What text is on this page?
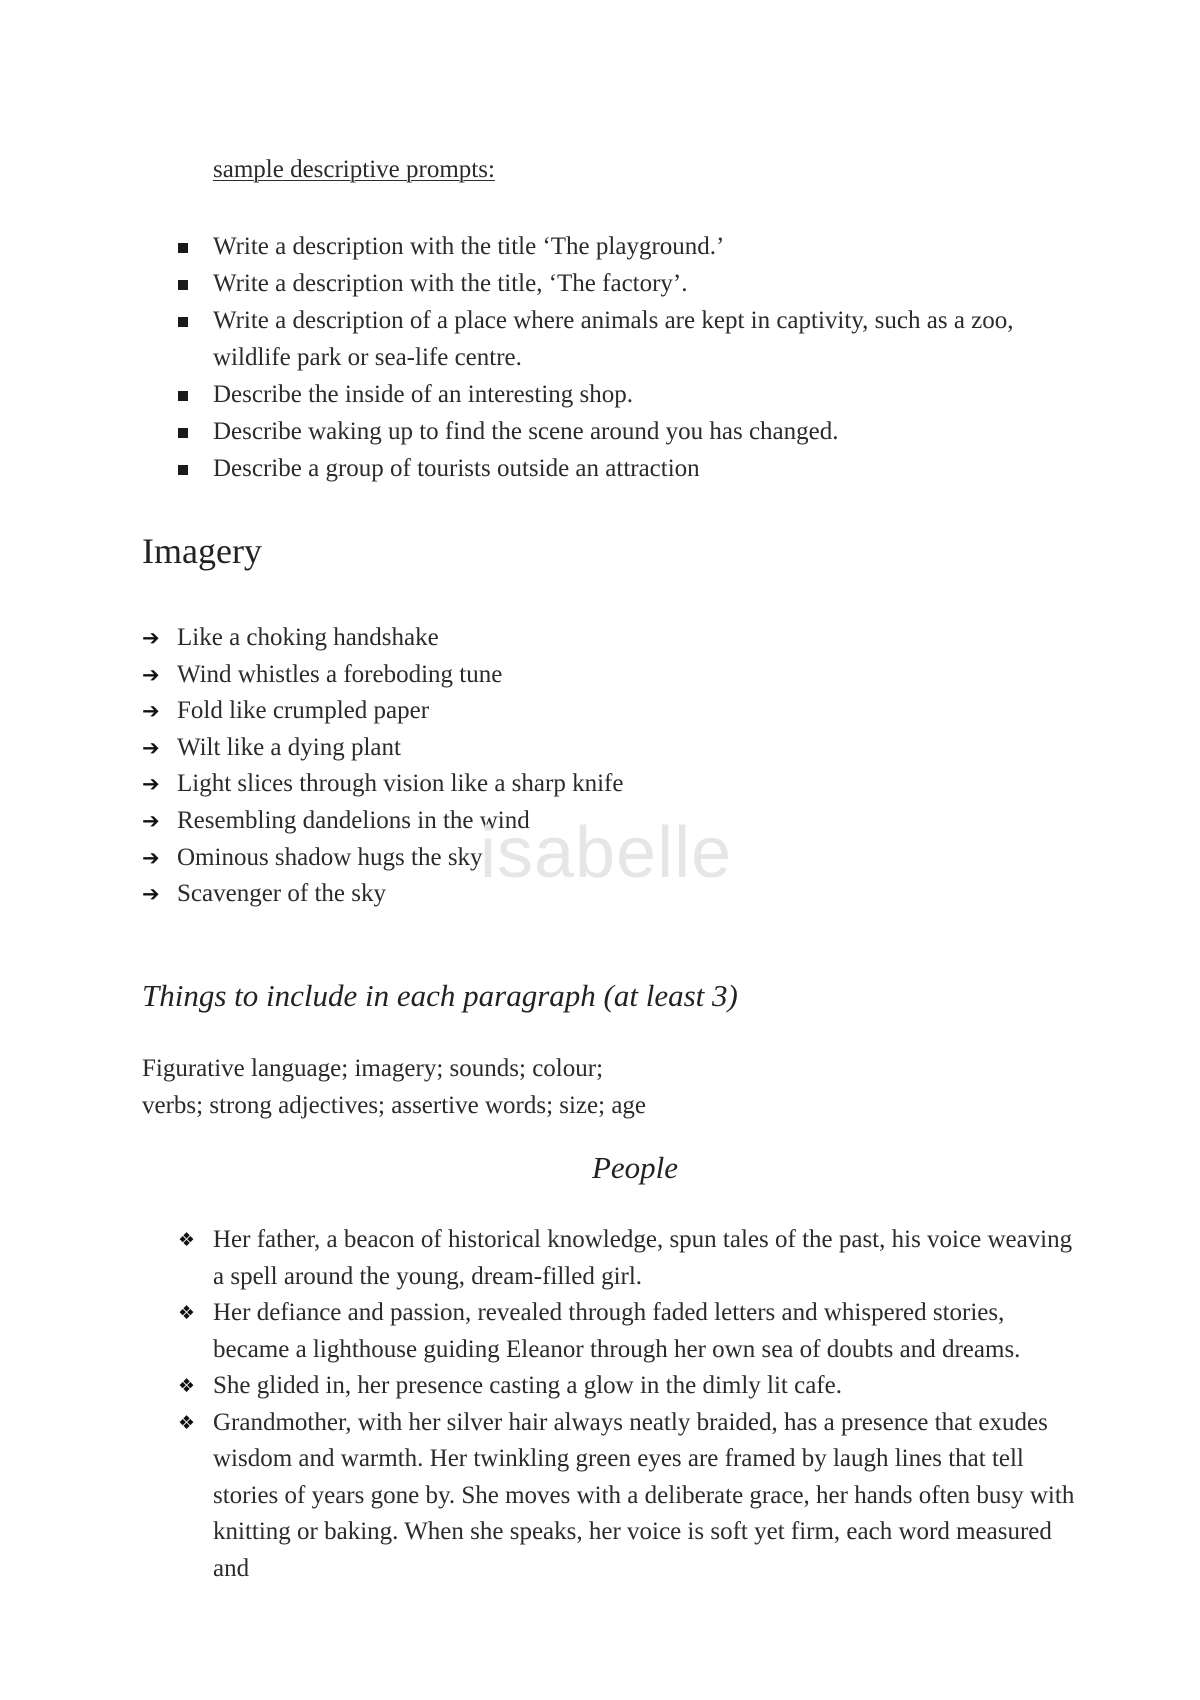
sample descriptive prompts:
Write a description with the title ‘The playground.’
Write a description with the title, ‘The factory’.
Write a description of a place where animals are kept in captivity, such as a zoo, wildlife park or sea-life centre.
Describe the inside of an interesting shop.
Describe waking up to find the scene around you has changed.
Describe a group of tourists outside an attraction
Imagery
➔ Like a choking handshake
➔ Wind whistles a foreboding tune
➔ Fold like crumpled paper
➔ Wilt like a dying plant
➔ Light slices through vision like a sharp knife
➔ Resembling dandelions in the wind
➔ Ominous shadow hugs the sky
➔ Scavenger of the sky
isabelle
Things to include in each paragraph (at least 3)

Figurative language; imagery; sounds; colour;
verbs; strong adjectives; assertive words; size; age

People
❖ Her father, a beacon of historical knowledge, spun tales of the past, his voice weaving a spell around the young, dream-filled girl.
❖ Her defiance and passion, revealed through faded letters and whispered stories, became a lighthouse guiding Eleanor through her own sea of doubts and dreams.
❖ She glided in, her presence casting a glow in the dimly lit cafe.
❖ Grandmother, with her silver hair always neatly braided, has a presence that exudes wisdom and warmth. Her twinkling green eyes are framed by laugh lines that tell stories of years gone by. She moves with a deliberate grace, her hands often busy with knitting or baking. When she speaks, her voice is soft yet firm, each word measured and
